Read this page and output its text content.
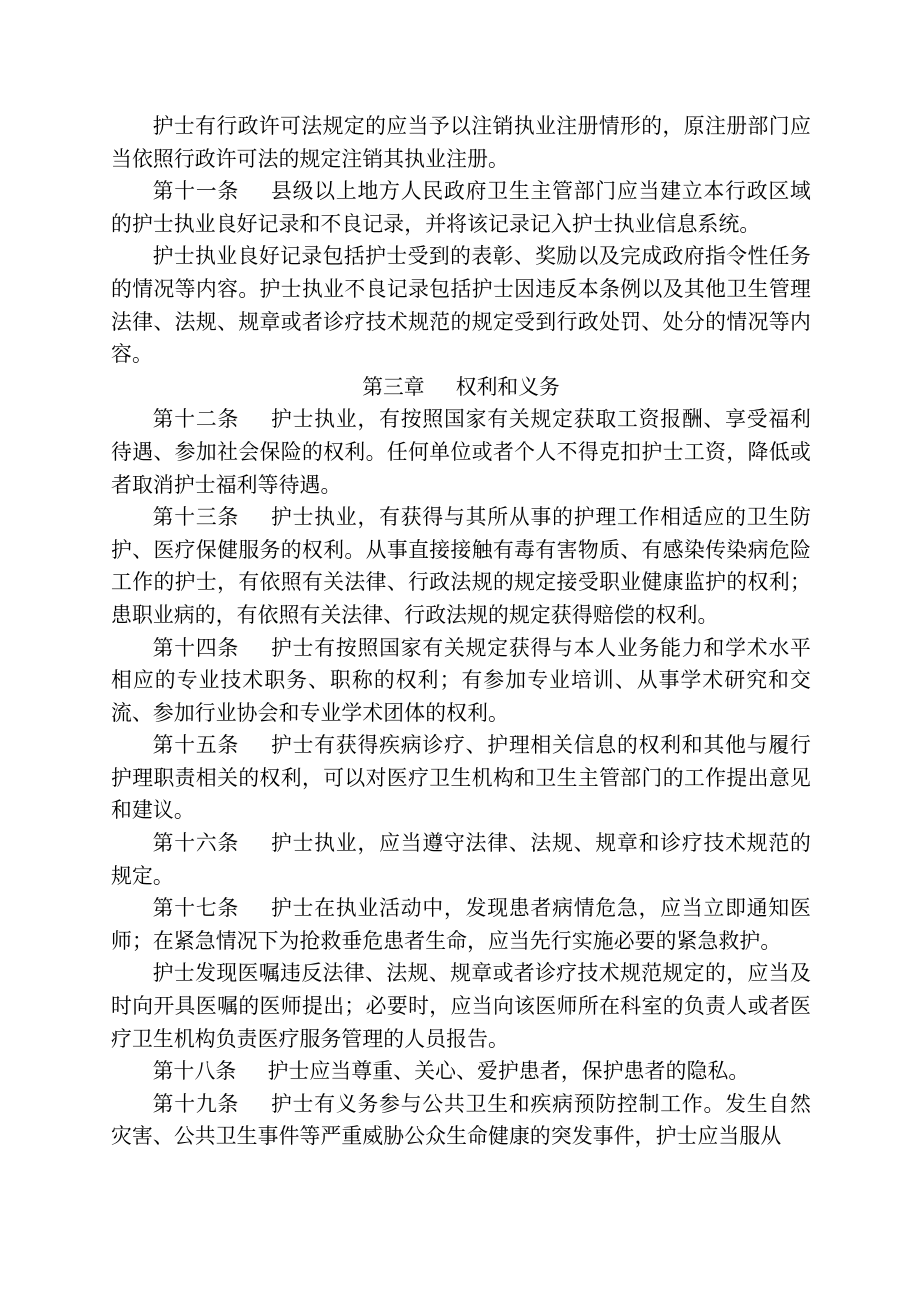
护士有行政许可法规定的应当予以注销执业注册情形的，原注册部门应当依照行政许可法的规定注销其执业注册。

第十一条 县级以上地方人民政府卫生主管部门应当建立本行政区域的护士执业良好记录和不良记录，并将该记录记入护士执业信息系统。

护士执业良好记录包括护士受到的表彰、奖励以及完成政府指令性任务的情况等内容。护士执业不良记录包括护士因违反本条例以及其他卫生管理法律、法规、规章或者诊疗技术规范的规定受到行政处罚、处分的情况等内容。

第三章 权利和义务

第十二条 护士执业，有按照国家有关规定获取工资报酬、享受福利待遇、参加社会保险的权利。任何单位或者个人不得克扣护士工资，降低或者取消护士福利等待遇。

第十三条 护士执业，有获得与其所从事的护理工作相适应的卫生防护、医疗保健服务的权利。从事直接接触有毒有害物质、有感染传染病危险工作的护士，有依照有关法律、行政法规的规定接受职业健康监护的权利；患职业病的，有依照有关法律、行政法规的规定获得赔偿的权利。

第十四条 护士有按照国家有关规定获得与本人业务能力和学术水平相应的专业技术职务、职称的权利；有参加专业培训、从事学术研究和交流、参加行业协会和专业学术团体的权利。

第十五条 护士有获得疾病诊疗、护理相关信息的权利和其他与履行护理职责相关的权利，可以对医疗卫生机构和卫生主管部门的工作提出意见和建议。

第十六条 护士执业，应当遵守法律、法规、规章和诊疗技术规范的规定。

第十七条 护士在执业活动中，发现患者病情危急，应当立即通知医师；在紧急情况下为抢救垂危患者生命，应当先行实施必要的紧急救护。

护士发现医嘱违反法律、法规、规章或者诊疗技术规范规定的，应当及时向开具医嘱的医师提出；必要时，应当向该医师所在科室的负责人或者医疗卫生机构负责医疗服务管理的人员报告。

第十八条 护士应当尊重、关心、爱护患者，保护患者的隐私。

第十九条 护士有义务参与公共卫生和疾病预防控制工作。发生自然灾害、公共卫生事件等严重威胁公众生命健康的突发事件，护士应当服从
